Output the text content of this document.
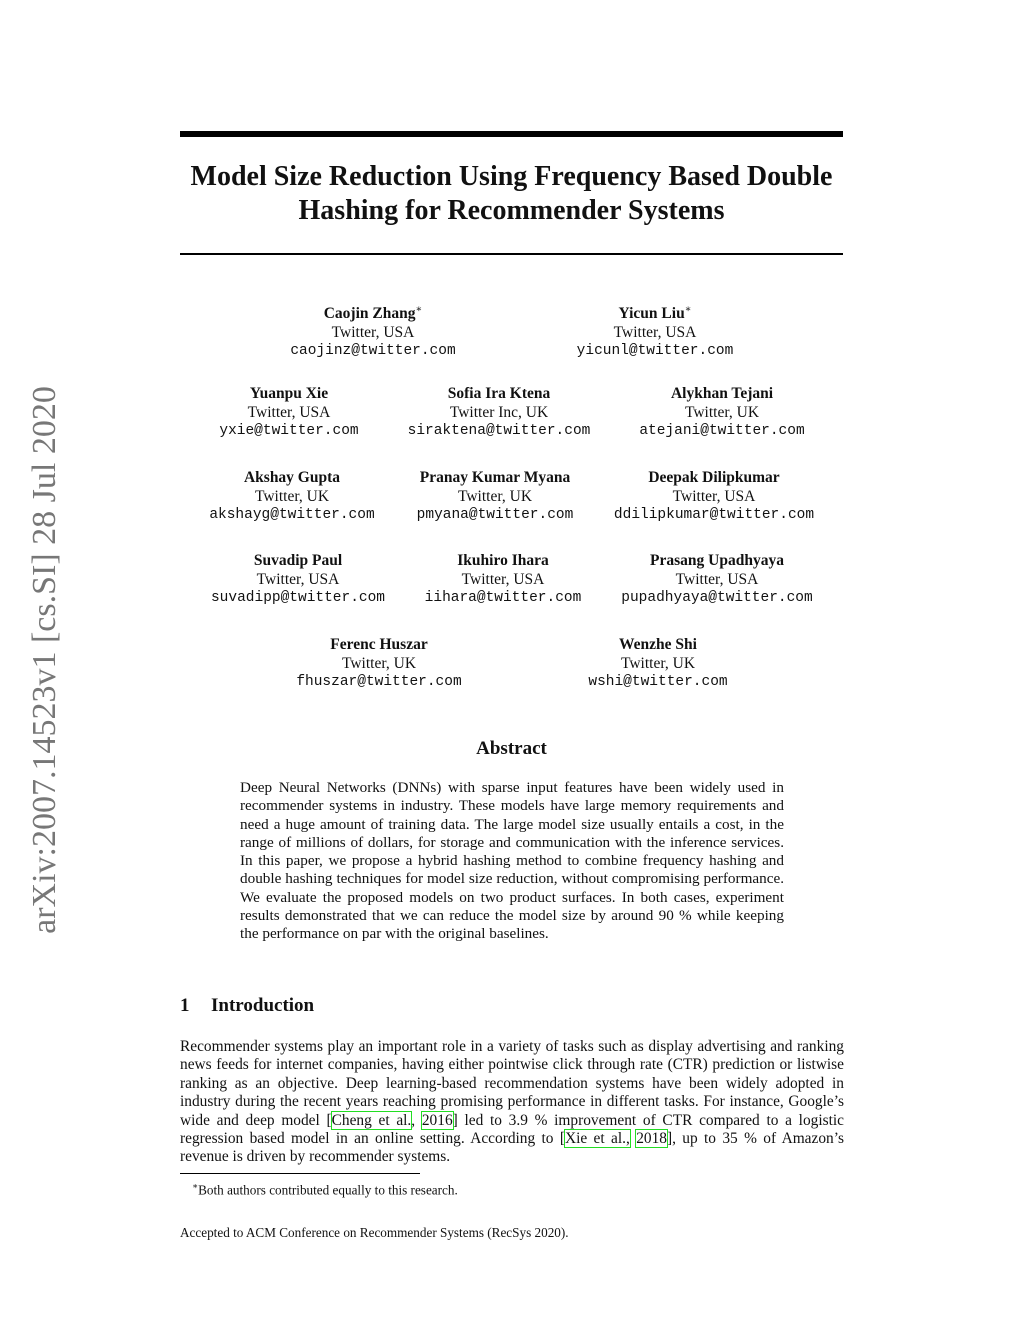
arXiv:2007.14523v1 [cs.SI] 28 Jul 2020
Model Size Reduction Using Frequency Based Double Hashing for Recommender Systems
Caojin Zhang∗
Twitter, USA
caojinz@twitter.com
Yicun Liu∗
Twitter, USA
yicunl@twitter.com
Yuanpu Xie
Twitter, USA
yxie@twitter.com
Sofia Ira Ktena
Twitter Inc, UK
siraktena@twitter.com
Alykhan Tejani
Twitter, UK
atejani@twitter.com
Akshay Gupta
Twitter, UK
akshayg@twitter.com
Pranay Kumar Myana
Twitter, UK
pmyana@twitter.com
Deepak Dilipkumar
Twitter, USA
ddilipkumar@twitter.com
Suvadip Paul
Twitter, USA
suvadipp@twitter.com
Ikuhiro Ihara
Twitter, USA
iihara@twitter.com
Prasang Upadhyaya
Twitter, USA
pupadhyaya@twitter.com
Ferenc Huszar
Twitter, UK
fhuszar@twitter.com
Wenzhe Shi
Twitter, UK
wshi@twitter.com
Abstract

Deep Neural Networks (DNNs) with sparse input features have been widely used in recommender systems in industry. These models have large memory requirements and need a huge amount of training data. The large model size usually entails a cost, in the range of millions of dollars, for storage and communication with the inference services. In this paper, we propose a hybrid hashing method to combine frequency hashing and double hashing techniques for model size reduction, without compromising performance. We evaluate the proposed models on two product surfaces. In both cases, experiment results demonstrated that we can reduce the model size by around 90 % while keeping the performance on par with the original baselines.

1 Introduction

Recommender systems play an important role in a variety of tasks such as display advertising and ranking news feeds for internet companies, having either pointwise click through rate (CTR) prediction or listwise ranking as an objective. Deep learning-based recommendation systems have been widely adopted in industry during the recent years reaching promising performance in different tasks. For instance, Google’s wide and deep model [Cheng et al., 2016] led to 3.9 % improvement of CTR compared to a logistic regression based model in an online setting. According to [Xie et al., 2018], up to 35 % of Amazon’s revenue is driven by recommender systems.

∗Both authors contributed equally to this research.

Accepted to ACM Conference on Recommender Systems (RecSys 2020).
